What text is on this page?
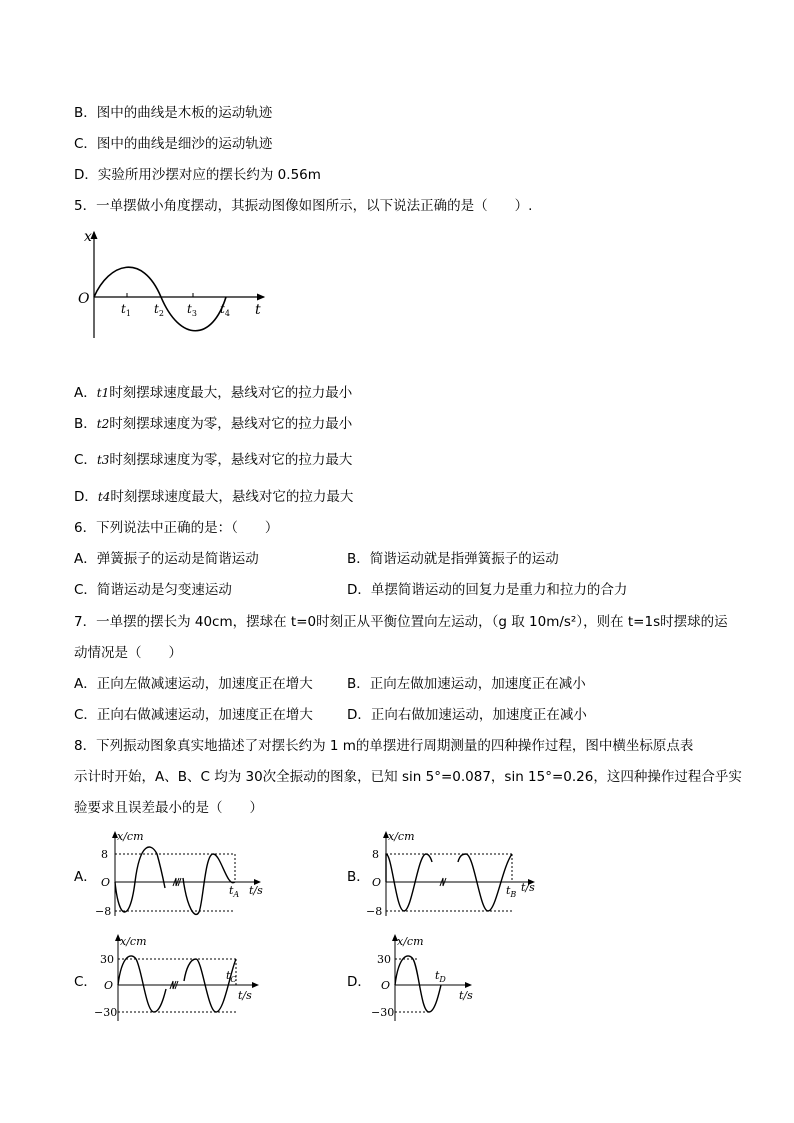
B．图中的曲线是木板的运动轨迹
C．图中的曲线是细沙的运动轨迹
D．实验所用沙摆对应的摆长约为 0.56m
5．一单摆做小角度摆动，其振动图像如图所示，以下说法正确的是（　　）.
x
O
t
$t_1$ $t_2$ $t_3$ $t_4$
A．t1时刻摆球速度最大，悬线对它的拉力最小
B．t2时刻摆球速度为零，悬线对它的拉力最小
C．t3时刻摆球速度为零，悬线对它的拉力最大
D．t4时刻摆球速度最大，悬线对它的拉力最大
6．下列说法中正确的是：（　　）
A．弹簧振子的运动是简谐运动	B．简谐运动就是指弹簧振子的运动
C．简谐运动是匀变速运动	D．单摆简谐运动的回复力是重力和拉力的合力
7．一单摆的摆长为 40cm，摆球在 t=0时刻正从平衡位置向左运动，（g 取 10m/s²），则在 t=1s时摆球的运
动情况是（　　）
A．正向左做减速运动，加速度正在增大	B．正向左做加速运动，加速度正在减小
C．正向右做减速运动，加速度正在增大	D．正向右做加速运动，加速度正在减小
8．下列振动图象真实地描述了对摆长约为 1 m的单摆进行周期测量的四种操作过程，图中横坐标原点表
示计时开始，A、B、C 均为 30次全振动的图象，已知 sin 5°=0.087，sin 15°=0.26，这四种操作过程合乎实
验要求且误差最小的是（　　）
A．
x/cm
8
O
−8
$t_A$ t/s
B．
x/cm
8
O
−8
$t_B$
t/s
C．
x/cm
30
O
−30
$t_C$
t/s
D．
x/cm
30
O
−30
$t_D$
t/s
